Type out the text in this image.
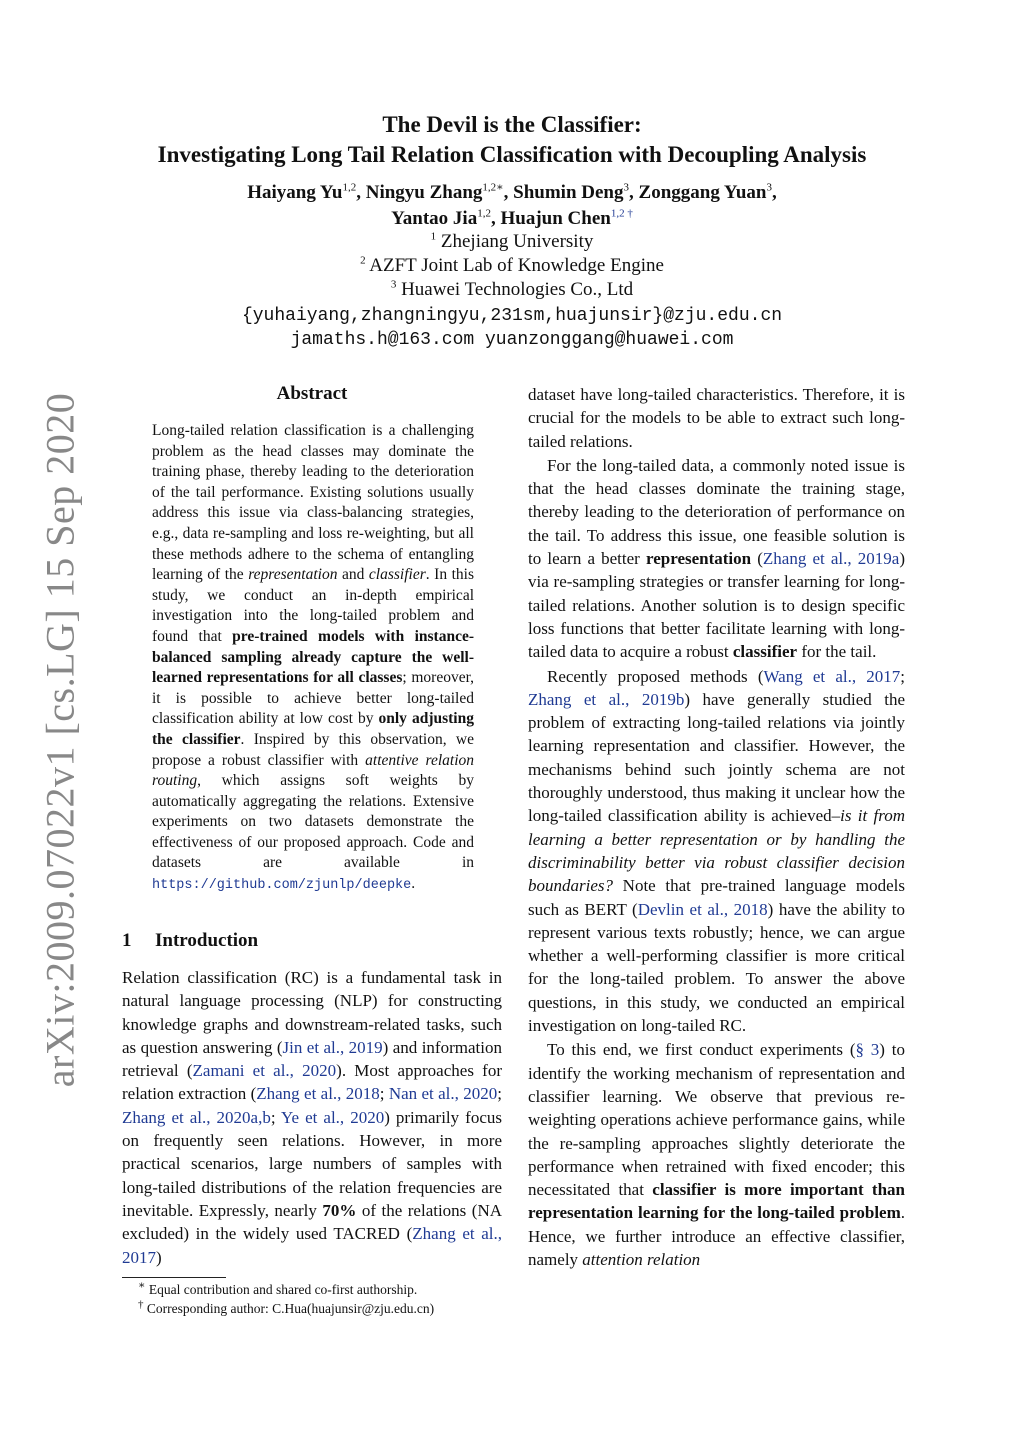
arXiv:2009.07022v1 [cs.LG] 15 Sep 2020
The Devil is the Classifier:
Investigating Long Tail Relation Classification with Decoupling Analysis
Haiyang Yu$^{1,2}$, Ningyu Zhang$^{1,2∗}$, Shumin Deng$^3$, Zonggang Yuan$^3$,
Yantao Jia$^{1,2}$, Huajun Chen$^{1,2 \dagger}$
$^1$ Zhejiang University
$^2$ AZFT Joint Lab of Knowledge Engine
$^3$ Huawei Technologies Co., Ltd
{yuhaiyang,zhangningyu,231sm,huajunsir}@zju.edu.cn
jamaths.h@163.com yuanzonggang@huawei.com
Abstract

Long-tailed relation classification is a challenging problem as the head classes may dominate the training phase, thereby leading to the deterioration of the tail performance. Existing solutions usually address this issue via class-balancing strategies, e.g., data re-sampling and loss re-weighting, but all these methods adhere to the schema of entangling learning of the representation and classifier. In this study, we conduct an in-depth empirical investigation into the long-tailed problem and found that pre-trained models with instance-balanced sampling already capture the well-learned representations for all classes; moreover, it is possible to achieve better long-tailed classification ability at low cost by only adjusting the classifier. Inspired by this observation, we propose a robust classifier with attentive relation routing, which assigns soft weights by automatically aggregating the relations. Extensive experiments on two datasets demonstrate the effectiveness of our proposed approach. Code and datasets are available in https://github.com/zjunlp/deepke.

1 Introduction

Relation classification (RC) is a fundamental task in natural language processing (NLP) for constructing knowledge graphs and downstream-related tasks, such as question answering (Jin et al., 2019) and information retrieval (Zamani et al., 2020). Most approaches for relation extraction (Zhang et al., 2018; Nan et al., 2020; Zhang et al., 2020a,b; Ye et al., 2020) primarily focus on frequently seen relations. However, in more practical scenarios, large numbers of samples with long-tailed distributions of the relation frequencies are inevitable. Expressly, nearly 70% of the relations (NA excluded) in the widely used TACRED (Zhang et al., 2017)

∗ Equal contribution and shared co-first authorship.
† Corresponding author: C.Hua(huajunsir@zju.edu.cn)

dataset have long-tailed characteristics. Therefore, it is crucial for the models to be able to extract such long-tailed relations.

For the long-tailed data, a commonly noted issue is that the head classes dominate the training stage, thereby leading to the deterioration of performance on the tail. To address this issue, one feasible solution is to learn a better representation (Zhang et al., 2019a) via re-sampling strategies or transfer learning for long-tailed relations. Another solution is to design specific loss functions that better facilitate learning with long-tailed data to acquire a robust classifier for the tail.

Recently proposed methods (Wang et al., 2017; Zhang et al., 2019b) have generally studied the problem of extracting long-tailed relations via jointly learning representation and classifier. However, the mechanisms behind such jointly schema are not thoroughly understood, thus making it unclear how the long-tailed classification ability is achieved–is it from learning a better representation or by handling the discriminability better via robust classifier decision boundaries? Note that pre-trained language models such as BERT (Devlin et al., 2018) have the ability to represent various texts robustly; hence, we can argue whether a well-performing classifier is more critical for the long-tailed problem. To answer the above questions, in this study, we conducted an empirical investigation on long-tailed RC.

To this end, we first conduct experiments (§ 3) to identify the working mechanism of representation and classifier learning. We observe that previous re-weighting operations achieve performance gains, while the re-sampling approaches slightly deteriorate the performance when retrained with fixed encoder; this necessitated that classifier is more important than representation learning for the long-tailed problem. Hence, we further introduce an effective classifier, namely attention relation
